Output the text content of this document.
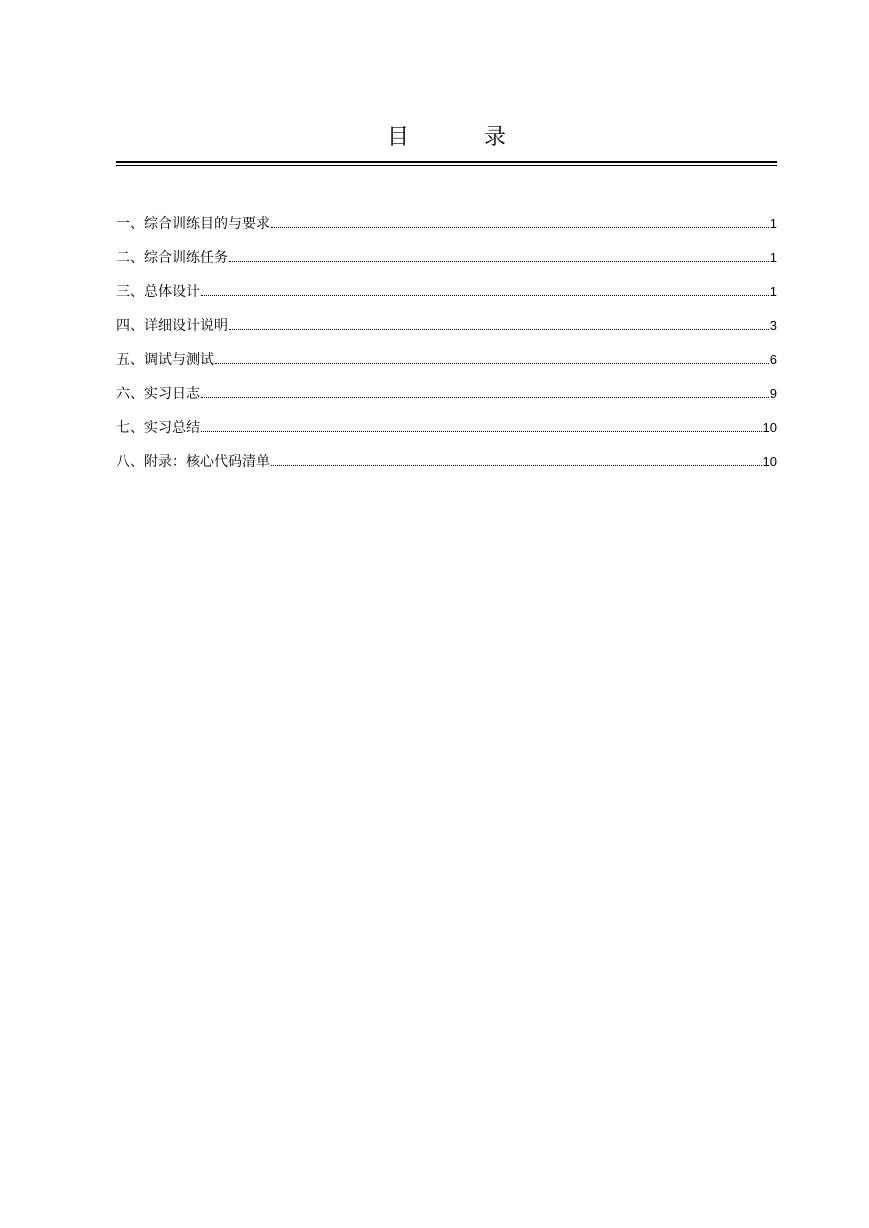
目 录
一、综合训练目的与要求	1
二、综合训练任务	1
三、总体设计	1
四、详细设计说明	3
五、调试与测试	6
六、实习日志	9
七、实习总结	10
八、附录：核心代码清单	10
